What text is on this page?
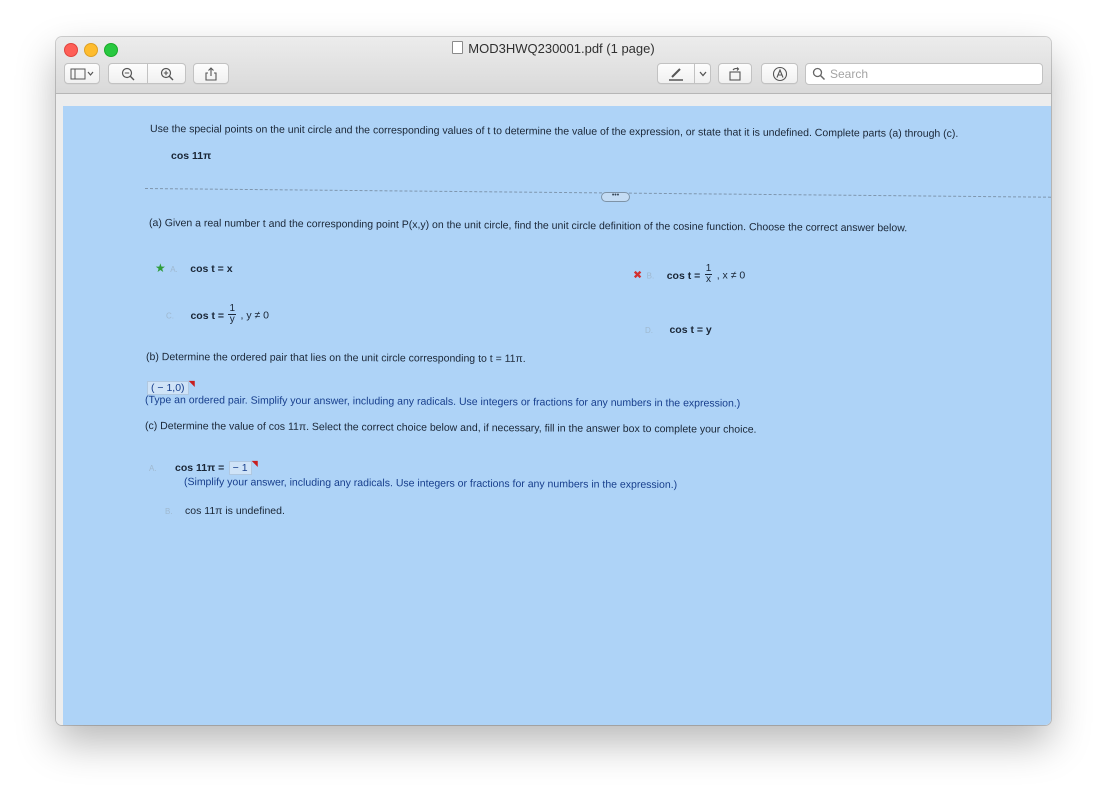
MOD3HWQ230001.pdf (1 page)
Search
Use the special points on the unit circle and the corresponding values of t to determine the value of the expression, or state that it is undefined. Complete parts (a) through (c).
cos 11π
•••
(a) Given a real number t and the corresponding point P(x,y) on the unit circle, find the unit circle definition of the cosine function. Choose the correct answer below.
★ A. cos t = x
✖ B. $\cos t = \frac{1}{x}$ , x ≠ 0
C. $\cos t = \frac{1}{y}$ , y ≠ 0
D. cos t = y
(b) Determine the ordered pair that lies on the unit circle corresponding to t = 11π.
( − 1,0) ◥
(Type an ordered pair. Simplify your answer, including any radicals. Use integers or fractions for any numbers in the expression.)
(c) Determine the value of cos 11π. Select the correct choice below and, if necessary, fill in the answer box to complete your choice.
A. cos 11π = − 1 ◥
(Simplify your answer, including any radicals. Use integers or fractions for any numbers in the expression.)
B. cos 11π is undefined.
